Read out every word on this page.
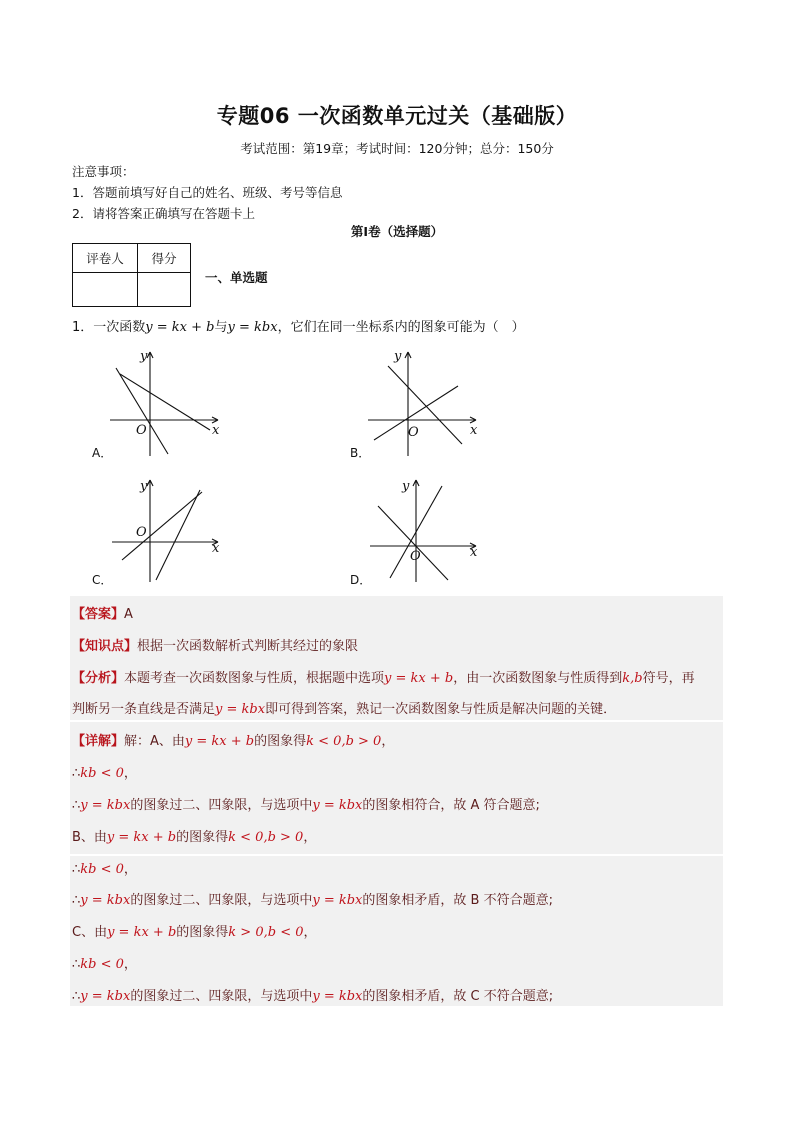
专题06 一次函数单元过关（基础版）
考试范围：第19章；考试时间：120分钟；总分：150分
注意事项：
1．答题前填写好自己的姓名、班级、考号等信息
2．请将答案正确填写在答题卡上
第I卷（选择题）
评卷人	得分

一、单选题
1．一次函数y = kx + b与y = kbx，它们在同一坐标系内的图象可能为（　）
x
y
O
A．
x
y
O
B．
x
y
O
C．
x
y
O
D．
【答案】A
【知识点】根据一次函数解析式判断其经过的象限
【分析】本题考查一次函数图象与性质，根据题中选项y = kx + b，由一次函数图象与性质得到k,b符号，再
判断另一条直线是否满足y = kbx即可得到答案，熟记一次函数图象与性质是解决问题的关键．
【详解】解：A、由y = kx + b的图象得k < 0,b > 0，
∴kb < 0，
∴y = kbx的图象过二、四象限，与选项中y = kbx的图象相符合，故 A 符合题意;
B、由y = kx + b的图象得k < 0,b > 0，
∴kb < 0，
∴y = kbx的图象过二、四象限，与选项中y = kbx的图象相矛盾，故 B 不符合题意;
C、由y = kx + b的图象得k > 0,b < 0，
∴kb < 0，
∴y = kbx的图象过二、四象限，与选项中y = kbx的图象相矛盾，故 C 不符合题意;
